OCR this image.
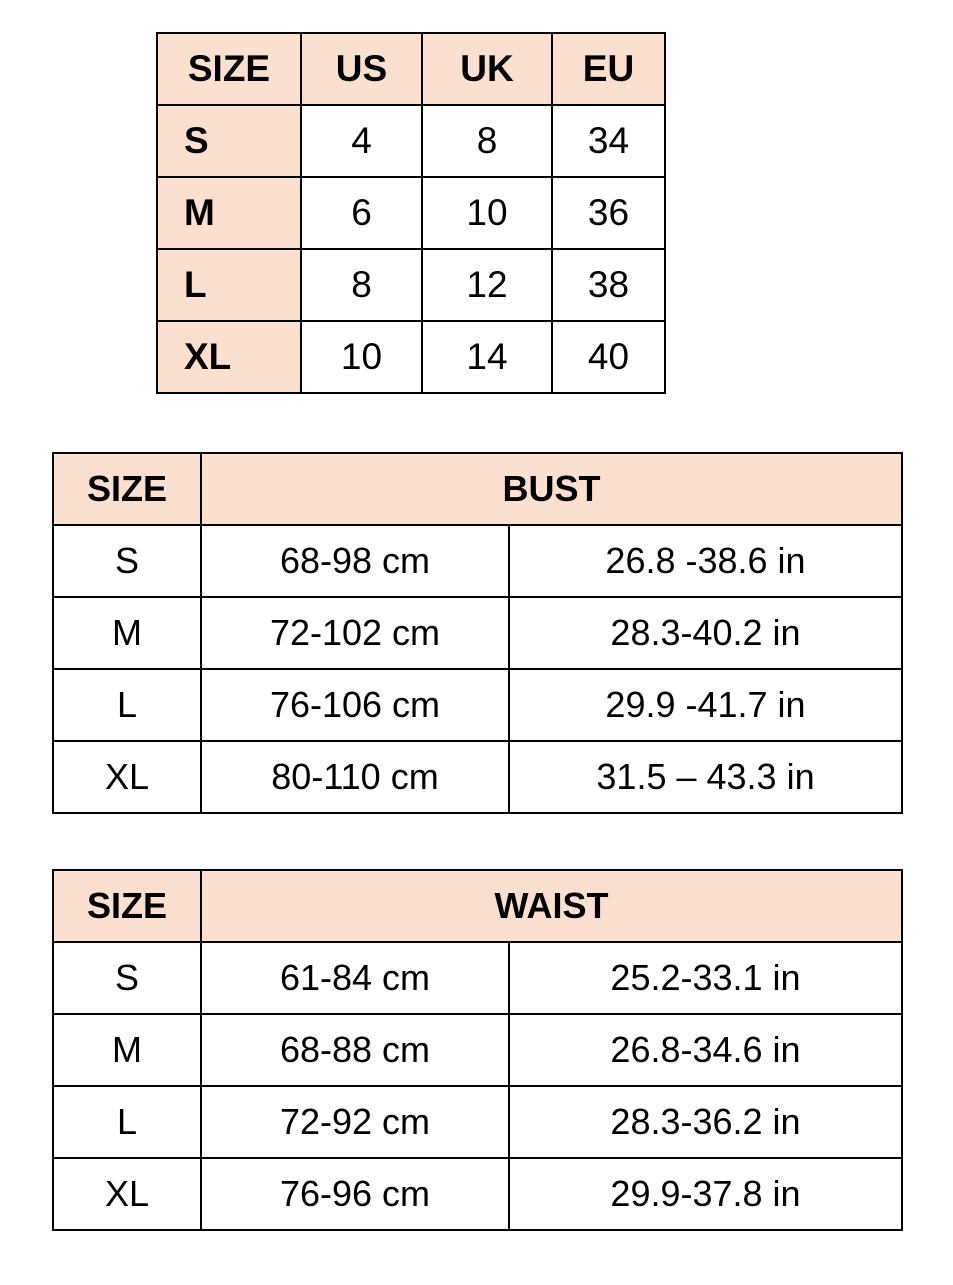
SIZE	US	UK	EU
S	4	8	34
M	6	10	36
L	8	12	38
XL	10	14	40
SIZE	BUST	
S	68-98 cm	26.8 -38.6 in
M	72-102 cm	28.3-40.2 in
L	76-106 cm	29.9 -41.7 in
XL	80-110 cm	31.5 – 43.3 in
SIZE	WAIST	
S	61-84 cm	25.2-33.1 in
M	68-88 cm	26.8-34.6 in
L	72-92 cm	28.3-36.2 in
XL	76-96 cm	29.9-37.8 in
